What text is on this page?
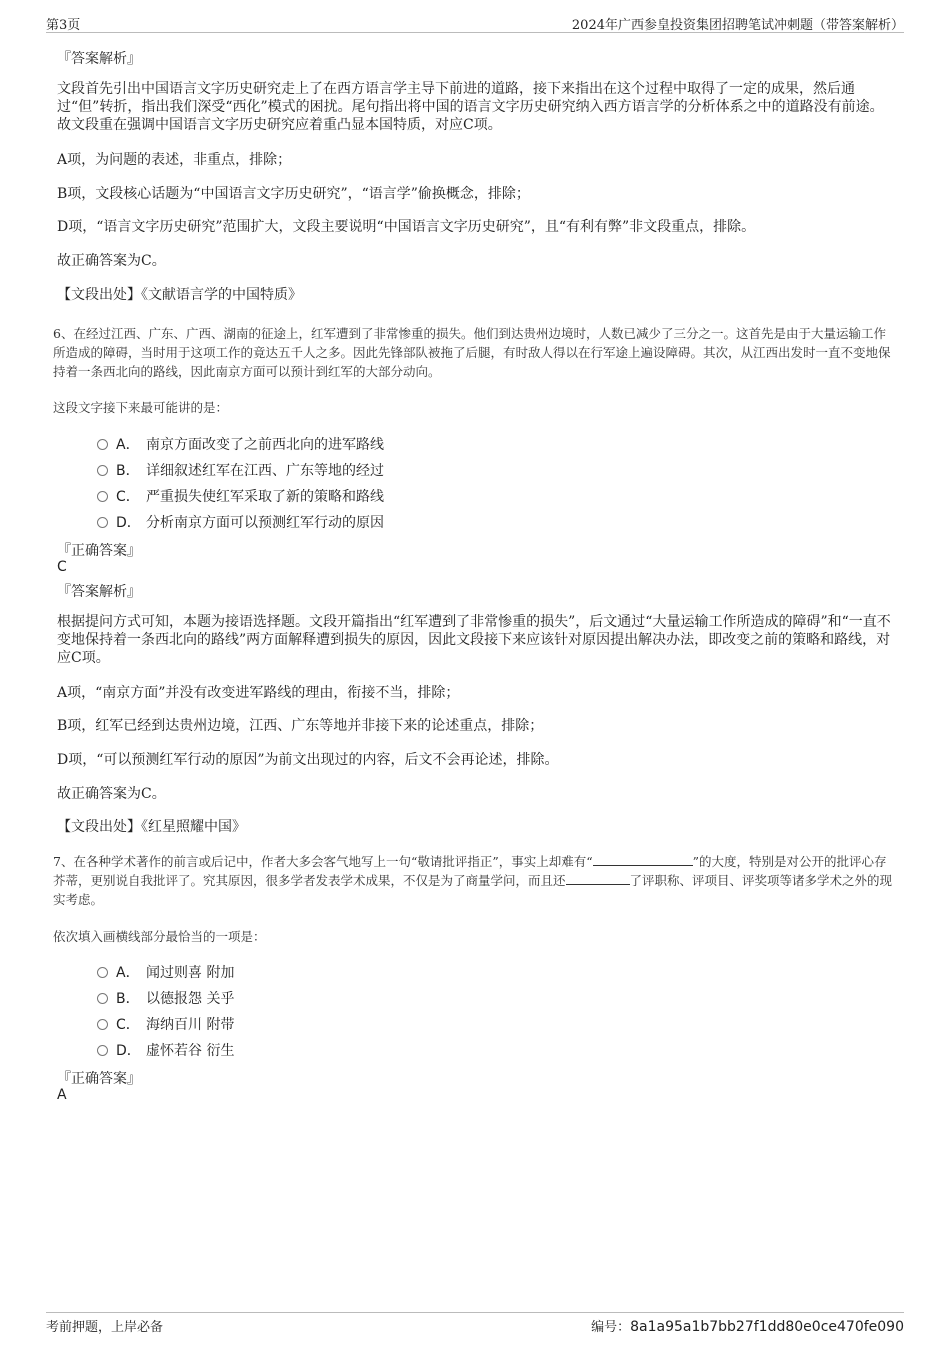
第3页	2024年广西参皇投资集团招聘笔试冲刺题（带答案解析）
『答案解析』
文段首先引出中国语言文字历史研究走上了在西方语言学主导下前进的道路，接下来指出在这个过程中取得了一定的成果，然后通过“但”转折，指出我们深受“西化”模式的困扰。尾句指出将中国的语言文字历史研究纳入西方语言学的分析体系之中的道路没有前途。故文段重在强调中国语言文字历史研究应着重凸显本国特质，对应C项。
A项，为问题的表述，非重点，排除；
B项，文段核心话题为“中国语言文字历史研究”，“语言学”偷换概念，排除；
D项，“语言文字历史研究”范围扩大，文段主要说明“中国语言文字历史研究”，且“有利有弊”非文段重点，排除。
故正确答案为C。
【文段出处】《文献语言学的中国特质》
6、在经过江西、广东、广西、湖南的征途上，红军遭到了非常惨重的损失。他们到达贵州边境时，人数已减少了三分之一。这首先是由于大量运输工作所造成的障碍，当时用于这项工作的竟达五千人之多。因此先锋部队被拖了后腿，有时敌人得以在行军途上遍设障碍。其次，从江西出发时一直不变地保持着一条西北向的路线，因此南京方面可以预计到红军的大部分动向。
这段文字接下来最可能讲的是：
A． 南京方面改变了之前西北向的进军路线
B． 详细叙述红军在江西、广东等地的经过
C． 严重损失使红军采取了新的策略和路线
D． 分析南京方面可以预测红军行动的原因
『正确答案』
C
『答案解析』
根据提问方式可知，本题为接语选择题。文段开篇指出“红军遭到了非常惨重的损失”，后文通过“大量运输工作所造成的障碍”和“一直不变地保持着一条西北向的路线”两方面解释遭到损失的原因，因此文段接下来应该针对原因提出解决办法，即改变之前的策略和路线，对应C项。
A项，“南京方面”并没有改变进军路线的理由，衔接不当，排除；
B项，红军已经到达贵州边境，江西、广东等地并非接下来的论述重点，排除；
D项，“可以预测红军行动的原因”为前文出现过的内容，后文不会再论述，排除。
故正确答案为C。
【文段出处】《红星照耀中国》
7、在各种学术著作的前言或后记中，作者大多会客气地写上一句“敬请批评指正”，事实上却难有“	”的大度，特别是对公开的批评心存芥蒂，更别说自我批评了。究其原因，很多学者发表学术成果，不仅是为了商量学问，而且还	了评职称、评项目、评奖项等诸多学术之外的现实考虑。
依次填入画横线部分最恰当的一项是：
A． 闻过则喜 附加
B． 以德报怨 关乎
C． 海纳百川 附带
D． 虚怀若谷 衍生
『正确答案』
A
考前押题，上岸必备	编号：8a1a95a1b7bb27f1dd80e0ce470fe090
